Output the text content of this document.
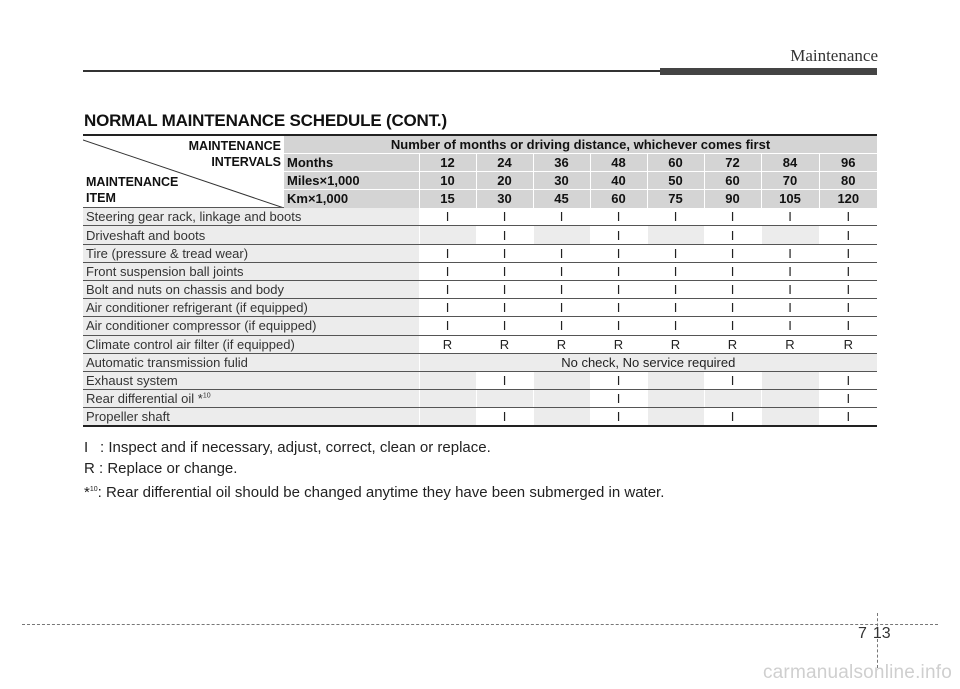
Maintenance
NORMAL MAINTENANCE SCHEDULE (CONT.)
MAINTENANCE
INTERVALS
MAINTENANCE
ITEM	Number of months or driving distance, whichever comes first								
	Months	12	24	36	48	60	72	84	96
	Miles×1,000	10	20	30	40	50	60	70	80
	Km×1,000	15	30	45	60	75	90	105	120
Steering gear rack, linkage and boots		I	I	I	I	I	I	I	I
Driveshaft and boots			I		I		I		I
Tire (pressure & tread wear)		I	I	I	I	I	I	I	I
Front suspension ball joints		I	I	I	I	I	I	I	I
Bolt and nuts on chassis and body		I	I	I	I	I	I	I	I
Air conditioner refrigerant (if equipped)		I	I	I	I	I	I	I	I
Air conditioner compressor (if equipped)		I	I	I	I	I	I	I	I
Climate control air filter (if equipped)		R	R	R	R	R	R	R	R
Automatic transmission fulid		No check, No service required							
Exhaust system			I		I		I		I
Rear differential oil *$^{10}$					I				I
Propeller shaft			I		I		I		I
I : Inspect and if necessary, adjust, correct, clean or replace.
R : Replace or change.
*$^{10}$: Rear differential oil should be changed anytime they have been submerged in water.
7 13
carmanualsonline.info
